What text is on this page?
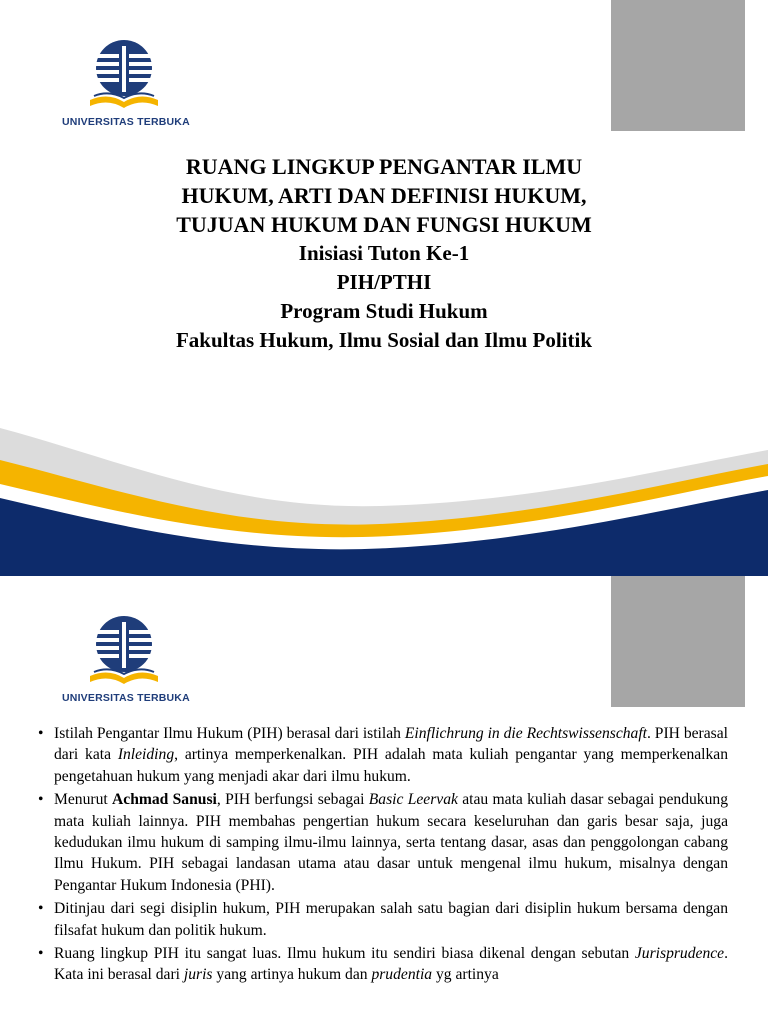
UNIVERSITAS TERBUKA

RUANG LINGKUP PENGANTAR ILMU

HUKUM, ARTI DAN DEFINISI HUKUM,

TUJUAN HUKUM DAN FUNGSI HUKUM

Inisiasi Tuton Ke-1

PIH/PTHI

Program Studi Hukum

Fakultas Hukum, Ilmu Sosial dan Ilmu Politik

UNIVERSITAS TERBUKA
• Istilah Pengantar Ilmu Hukum (PIH) berasal dari istilah Einflichrung in die Rechtswissenschaft. PIH berasal dari kata Inleiding, artinya memperkenalkan. PIH adalah mata kuliah pengantar yang memperkenalkan pengetahuan hukum yang menjadi akar dari ilmu hukum.
• Menurut Achmad Sanusi, PIH berfungsi sebagai Basic Leervak atau mata kuliah dasar sebagai pendukung mata kuliah lainnya. PIH membahas pengertian hukum secara keseluruhan dan garis besar saja, juga kedudukan ilmu hukum di samping ilmu-ilmu lainnya, serta tentang dasar, asas dan penggolongan cabang Ilmu Hukum. PIH sebagai landasan utama atau dasar untuk mengenal ilmu hukum, misalnya dengan Pengantar Hukum Indonesia (PHI).
• Ditinjau dari segi disiplin hukum, PIH merupakan salah satu bagian dari disiplin hukum bersama dengan filsafat hukum dan politik hukum.
• Ruang lingkup PIH itu sangat luas. Ilmu hukum itu sendiri biasa dikenal dengan sebutan Jurisprudence. Kata ini berasal dari juris yang artinya hukum dan prudentia yg artinya
